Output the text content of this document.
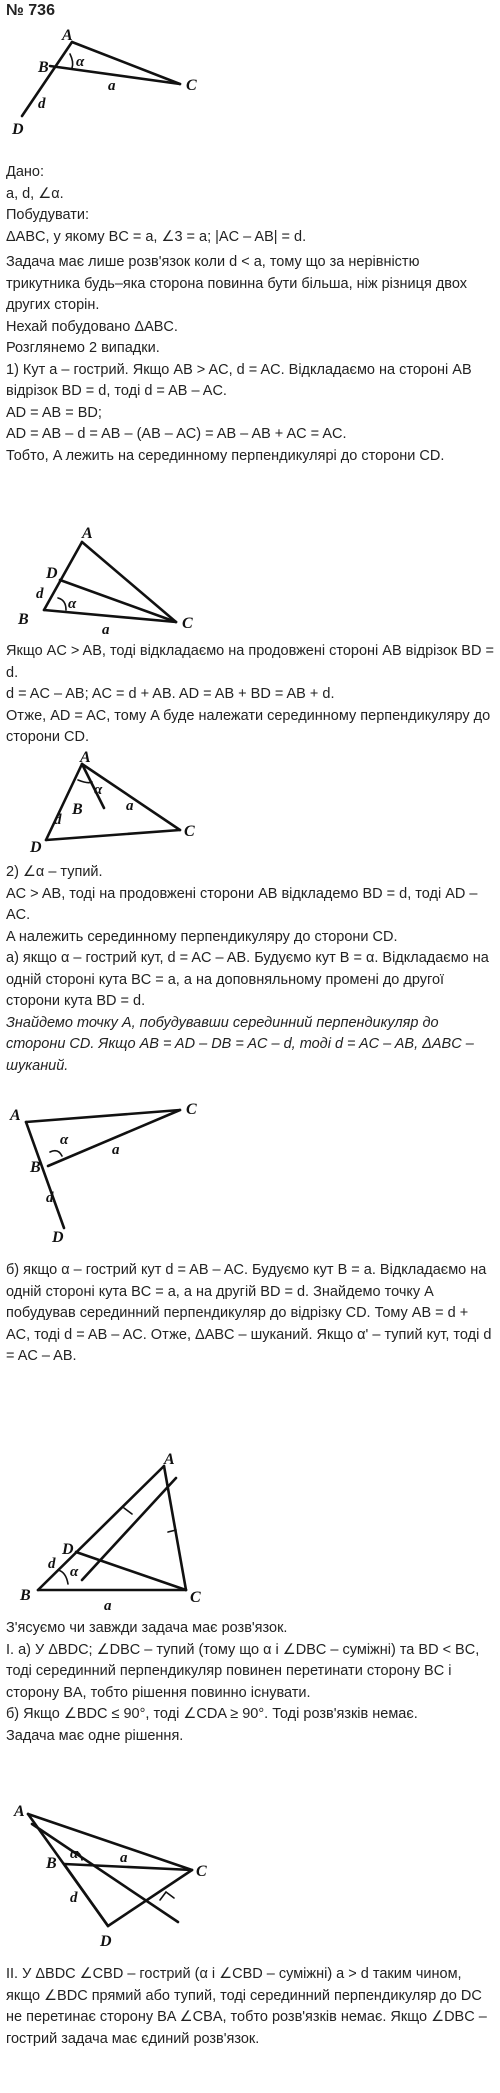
№ 736
A
B
C
D
α
a
d

Дано:

a, d, ∠α.

Побудувати:

ΔABC, у якому BC = a, ∠3 = a; |AC – AB| = d.

Задача має лише розв'язок коли d < a, тому що за нерівністю трикутника будь–яка сторона повинна бути більша, ніж різниця двох других сторін.

Нехай побудовано ΔABC.

Розглянемо 2 випадки.

1) Кут а – гострий. Якщо AB > AC, d = AC. Відкладаємо на стороні AB відрізок BD = d, тоді d = AB – AC.

AD = AB = BD;

AD = AB – d = AB – (AB – AC) = AB – AB + AC = AC.

Тобто, A лежить на серединному перпендикулярі до сторони CD.

A
D
B	C
α
a
d

Якщо AC > AB, тоді відкладаємо на продовжені стороні AB відрізок BD = d.

d = AC – AB; AC = d + AB. AD = AB + BD = AB + d.

Отже, AD = AC, тому A буде належати серединному перпендикуляру до сторони CD.

A
B
C
D
α
a
d

2) ∠α – тупий.

AC > AB, тоді на продовжені сторони AB відкладемо BD = d, тоді AD – AC.

A належить серединному перпендикуляру до сторони CD.

а) якщо α – гострий кут, d = AC – AB. Будуємо кут B = α. Відкладаємо на одній стороні кута BC = a, а на доповняльному промені до другої сторони кута BD = d.

Знайдемо точку A, побудувавши серединний перпендикуляр до сторони CD. Якщо AB = AD – DB = AC – d, тоді d = AC – AB, ΔABC – шуканий.

A
B
C
D
α
a
d

б) якщо α – гострий кут d = AB – AC. Будуємо кут B = a. Відкладаємо на одній стороні кута BC = a, а на другій BD = d. Знайдемо точку A побудував серединний перпендикуляр до відрізку CD. Тому AB = d + AC, тоді d = AB – AC. Отже, ΔABC – шуканий. Якщо α' – тупий кут, тоді d = AC – AB.

A
B	C
D
α
a
d

З'ясуємо чи завжди задача має розв'язок.

I. а) У ΔBDC; ∠DBC – тупий (тому що α і ∠DBC – суміжні) та BD < BC, тоді серединний перпендикуляр повинен перетинати сторону BC і сторону BA, тобто рішення повинно існувати.

б) Якщо ∠BDC ≤ 90°, тоді ∠CDA ≥ 90°. Тоді розв'язків немає.

Задача має одне рішення.

A
B	C
D
α	a
d

II. У ΔBDC ∠CBD – гострий (α і ∠CBD – суміжні) a > d таким чином, якщо ∠BDC прямий або тупий, тоді серединний перпендикуляр до DC не перетинає сторону BA ∠CBA, тобто розв'язків немає. Якщо ∠DBC – гострий задача має єдиний розв'язок.
